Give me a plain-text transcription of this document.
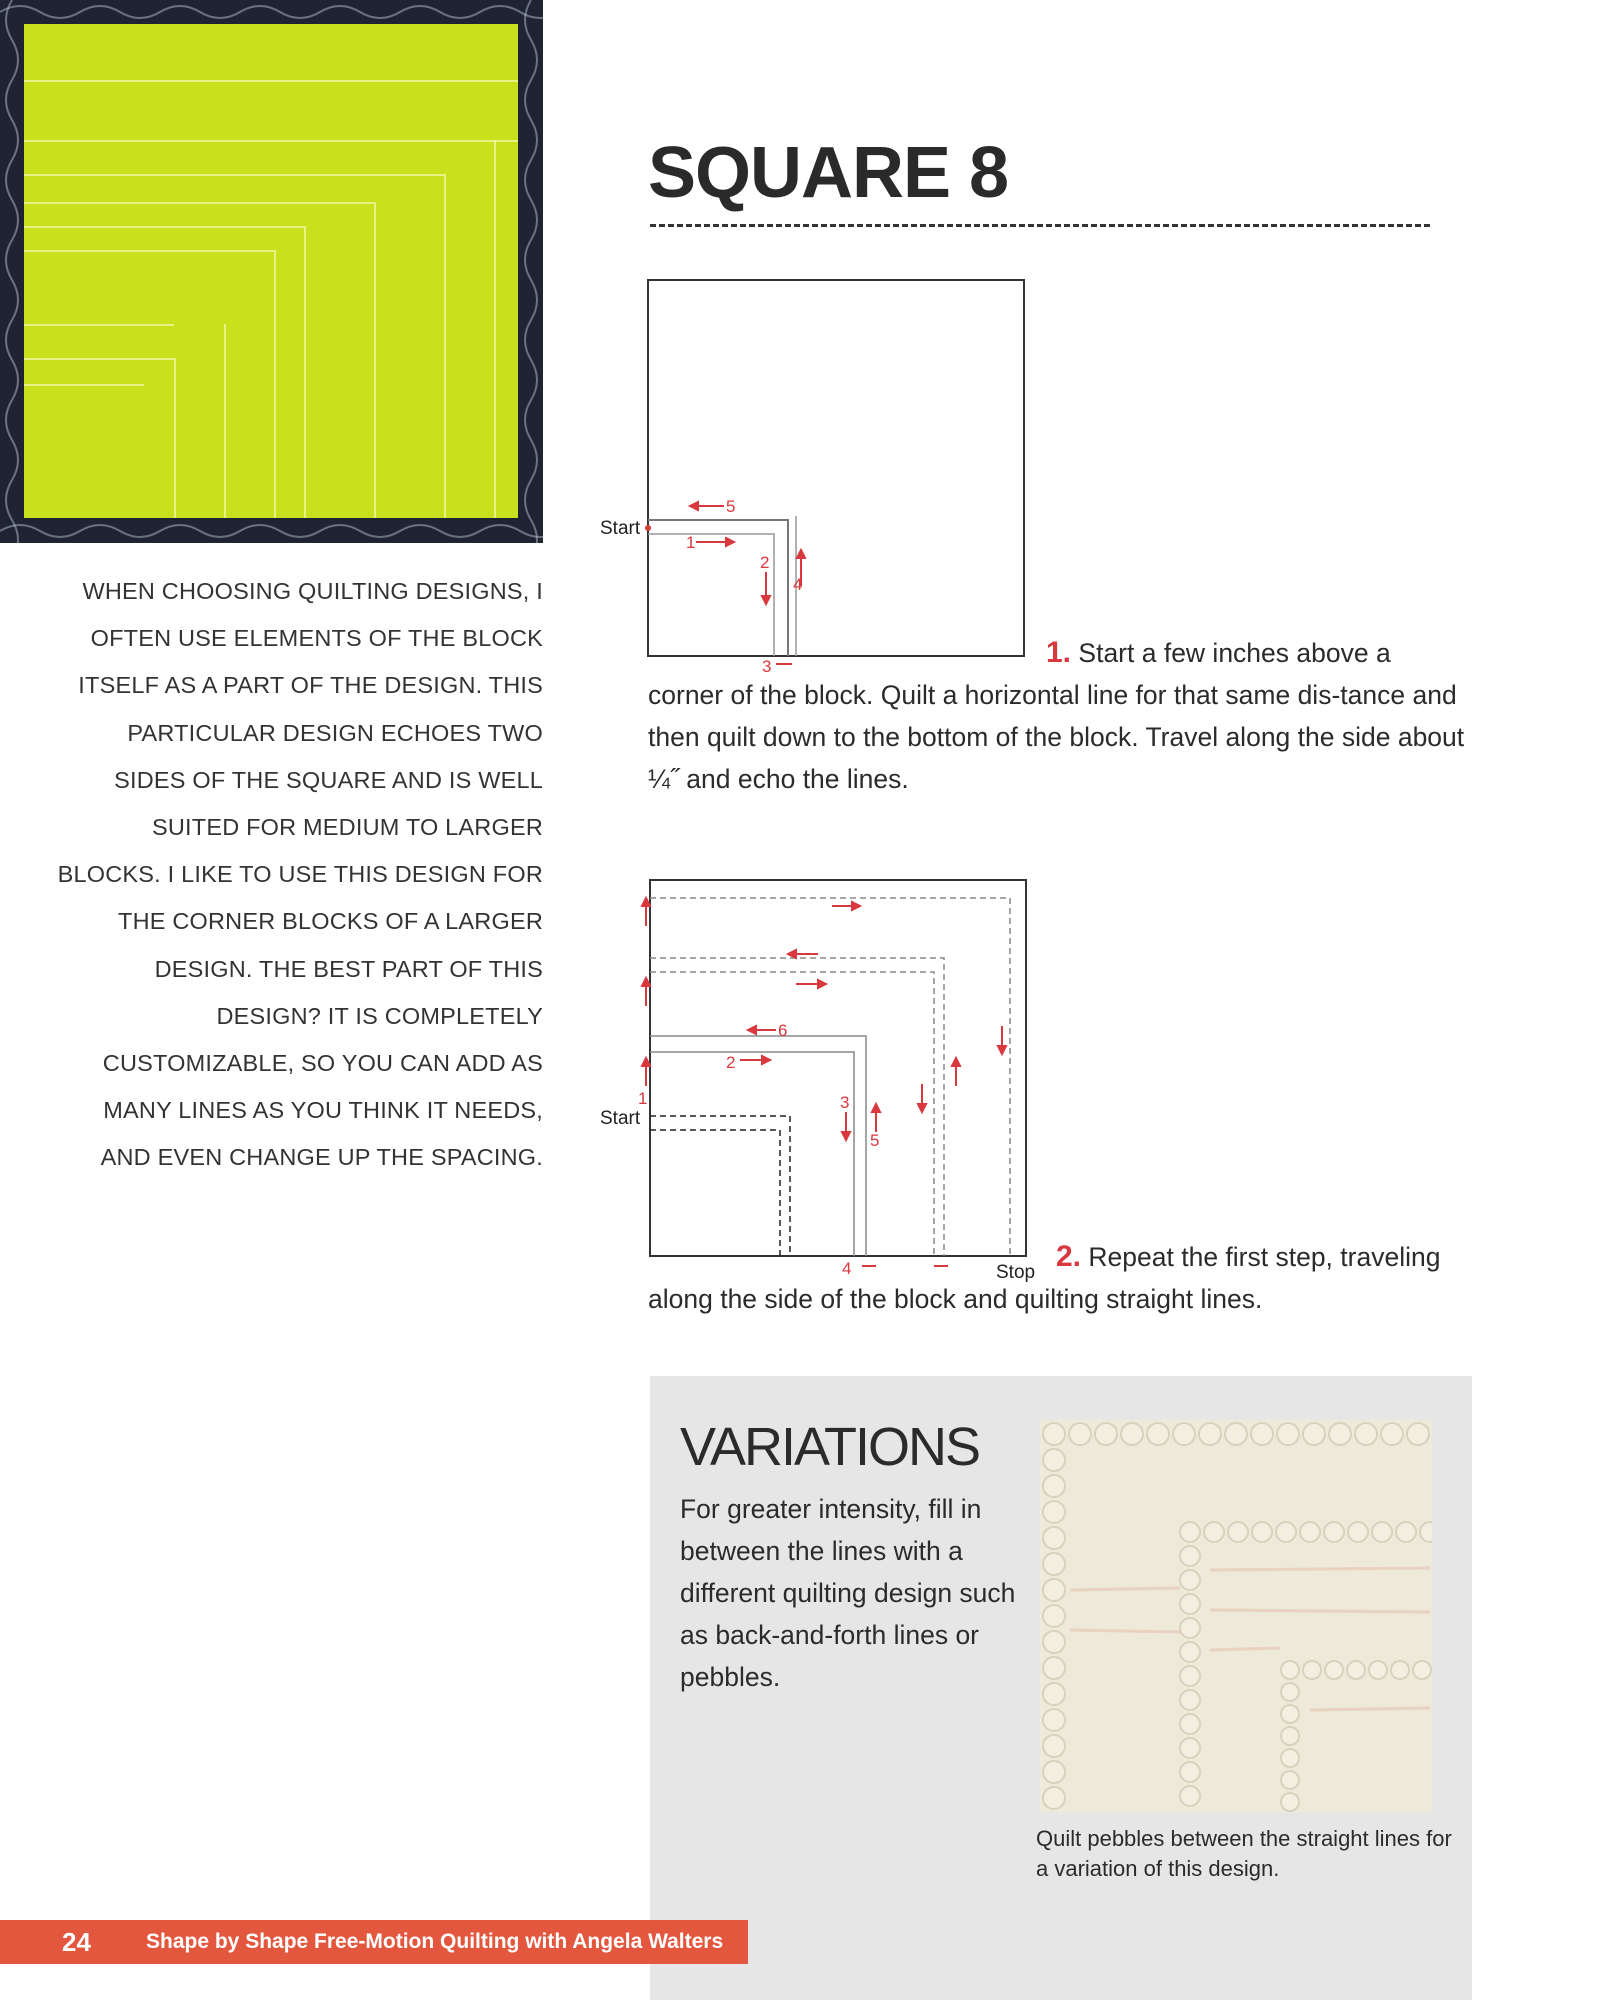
WHEN CHOOSING QUILTING DESIGNS, I OFTEN USE ELEMENTS OF THE BLOCK ITSELF AS A PART OF THE DESIGN. THIS PARTICULAR DESIGN ECHOES TWO SIDES OF THE SQUARE AND IS WELL SUITED FOR MEDIUM TO LARGER BLOCKS. I LIKE TO USE THIS DESIGN FOR THE CORNER BLOCKS OF A LARGER DESIGN. THE BEST PART OF THIS DESIGN? IT IS COMPLETELY CUSTOMIZABLE, SO YOU CAN ADD AS MANY LINES AS YOU THINK IT NEEDS, AND EVEN CHANGE UP THE SPACING.

SQUARE 8
1
2
3
4
5
Start
1. Start a few inches above a
corner of the block. Quilt a horizontal line for that same dis-tance and then quilt down to the bottom of the block. Travel along the side about ¼˝ and echo the lines.
1
2
3
4
5
6
Start
Stop 2. Repeat the first step, traveling
along the side of the block and quilting straight lines.
VARIATIONS

For greater intensity, fill in between the lines with a different quilting design such as back-and-forth lines or pebbles.

Quilt pebbles between the straight lines for a variation of this design.

24	Shape by Shape Free-Motion Quilting with Angela Walters
